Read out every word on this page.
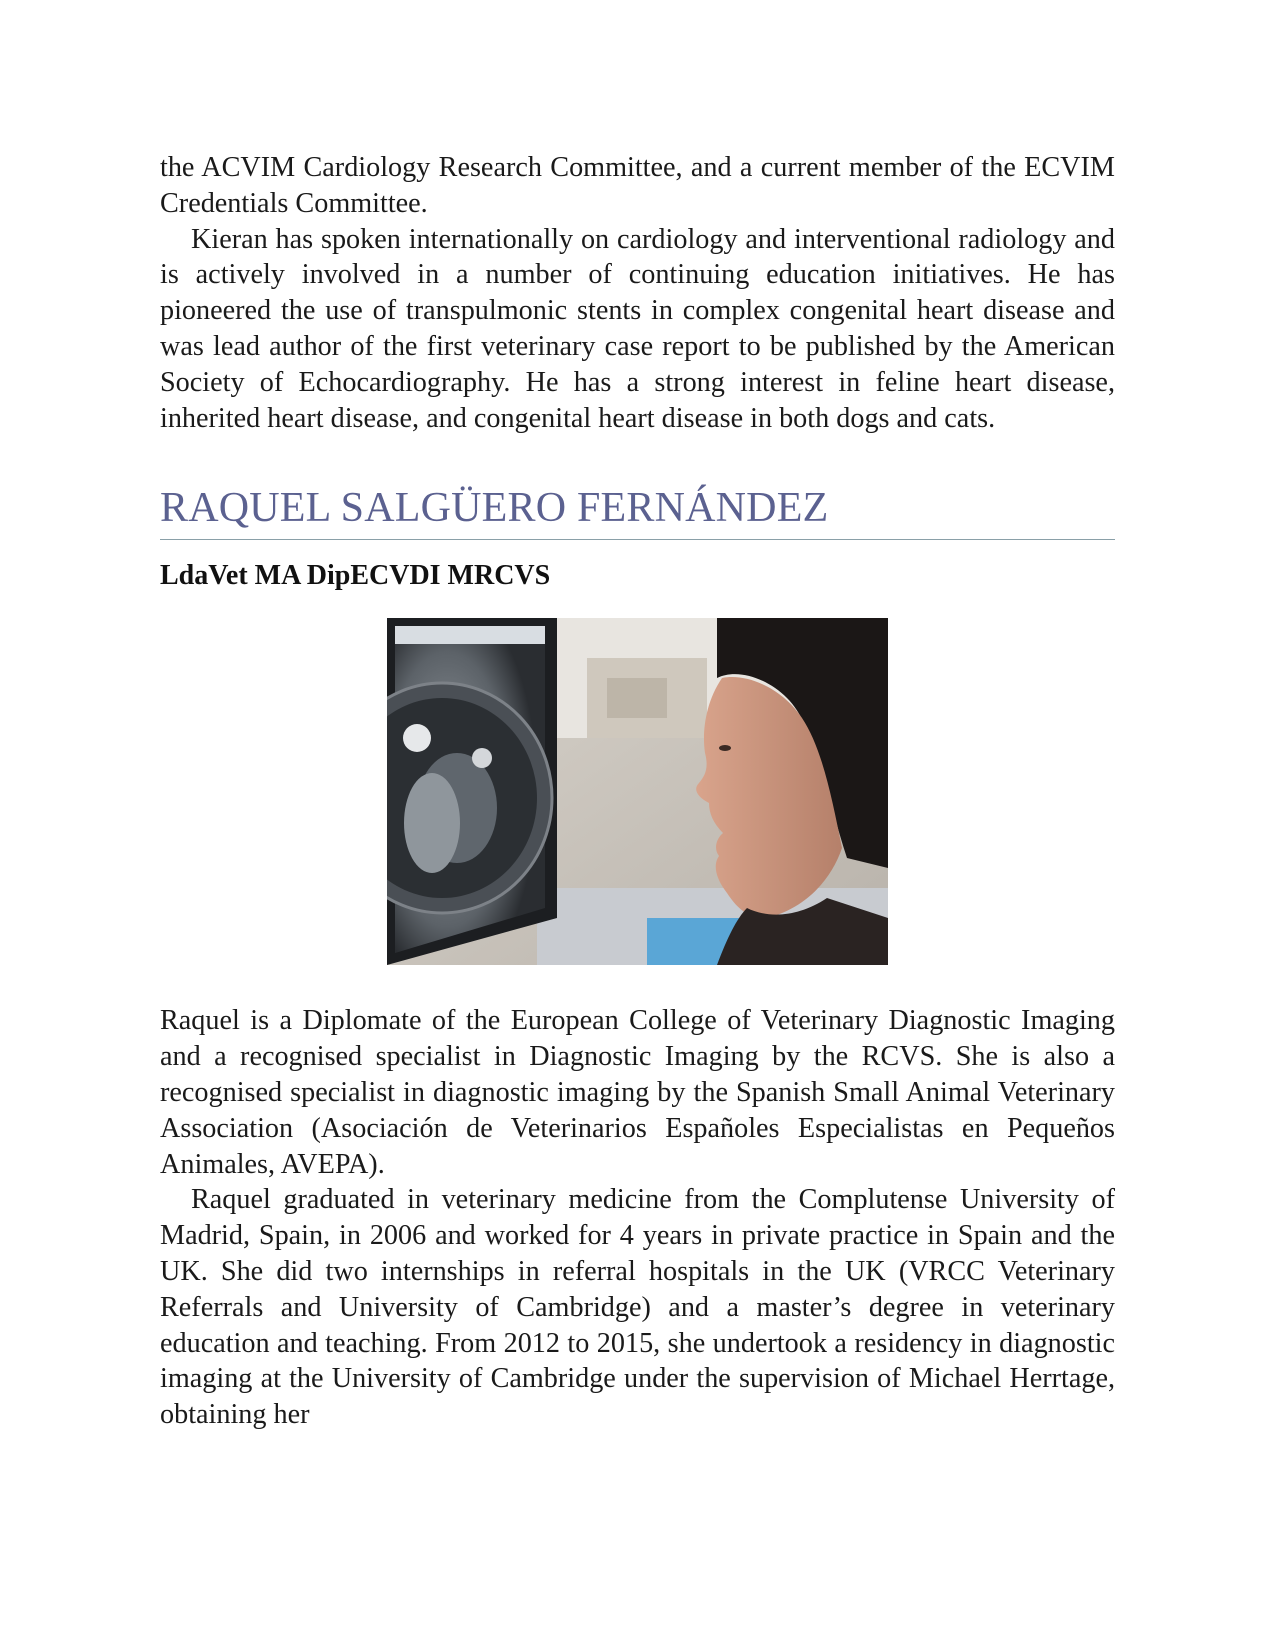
the ACVIM Cardiology Research Committee, and a current member of the ECVIM Credentials Committee.

Kieran has spoken internationally on cardiology and interventional radiology and is actively involved in a number of continuing education initiatives. He has pioneered the use of transpulmonic stents in complex congenital heart disease and was lead author of the first veterinary case report to be published by the American Society of Echocardiography. He has a strong interest in feline heart disease, inherited heart disease, and congenital heart disease in both dogs and cats.

RAQUEL SALGÜERO FERNÁNDEZ

LdaVet MA DipECVDI MRCVS

Raquel is a Diplomate of the European College of Veterinary Diagnostic Imaging and a recognised specialist in Diagnostic Imaging by the RCVS. She is also a recognised specialist in diagnostic imaging by the Spanish Small Animal Veterinary Association (Asociación de Veterinarios Españoles Especialistas en Pequeños Animales, AVEPA).

Raquel graduated in veterinary medicine from the Complutense University of Madrid, Spain, in 2006 and worked for 4 years in private practice in Spain and the UK. She did two internships in referral hospitals in the UK (VRCC Veterinary Referrals and University of Cambridge) and a master’s degree in veterinary education and teaching. From 2012 to 2015, she undertook a residency in diagnostic imaging at the University of Cambridge under the supervision of Michael Herrtage, obtaining her
